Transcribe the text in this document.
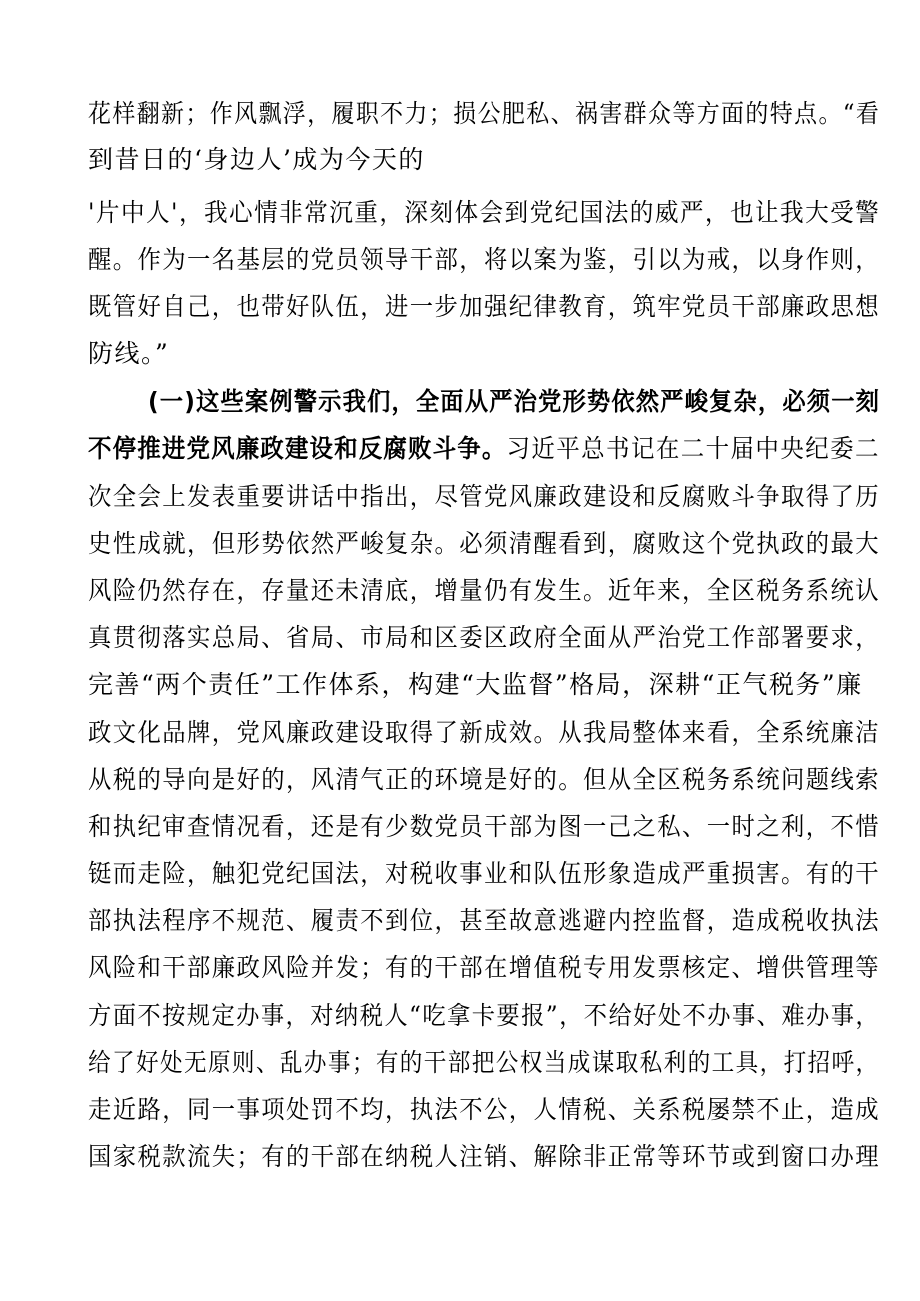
花样翻新；作风飘浮，履职不力；损公肥私、祸害群众等方面的特点。“看
到昔日的‘身边人’成为今天的
'片中人'，我心情非常沉重，深刻体会到党纪国法的威严，也让我大受警
醒。作为一名基层的党员领导干部，将以案为鉴，引以为戒，以身作则，
既管好自己，也带好队伍，进一步加强纪律教育，筑牢党员干部廉政思想
防线。”
(一)这些案例警示我们，全面从严治党形势依然严峻复杂，必须一刻
不停推进党风廉政建设和反腐败斗争。习近平总书记在二十届中央纪委二
次全会上发表重要讲话中指出，尽管党风廉政建设和反腐败斗争取得了历
史性成就，但形势依然严峻复杂。必须清醒看到，腐败这个党执政的最大
风险仍然存在，存量还未清底，增量仍有发生。近年来，全区税务系统认
真贯彻落实总局、省局、市局和区委区政府全面从严治党工作部署要求，
完善“两个责任”工作体系，构建“大监督”格局，深耕“正气税务”廉
政文化品牌，党风廉政建设取得了新成效。从我局整体来看，全系统廉洁
从税的导向是好的，风清气正的环境是好的。但从全区税务系统问题线索
和执纪审查情况看，还是有少数党员干部为图一己之私、一时之利，不惜
铤而走险，触犯党纪国法，对税收事业和队伍形象造成严重损害。有的干
部执法程序不规范、履责不到位，甚至故意逃避内控监督，造成税收执法
风险和干部廉政风险并发；有的干部在增值税专用发票核定、增供管理等
方面不按规定办事，对纳税人“吃拿卡要报”，不给好处不办事、难办事，
给了好处无原则、乱办事；有的干部把公权当成谋取私利的工具，打招呼，
走近路，同一事项处罚不均，执法不公，人情税、关系税屡禁不止，造成
国家税款流失；有的干部在纳税人注销、解除非正常等环节或到窗口办理
